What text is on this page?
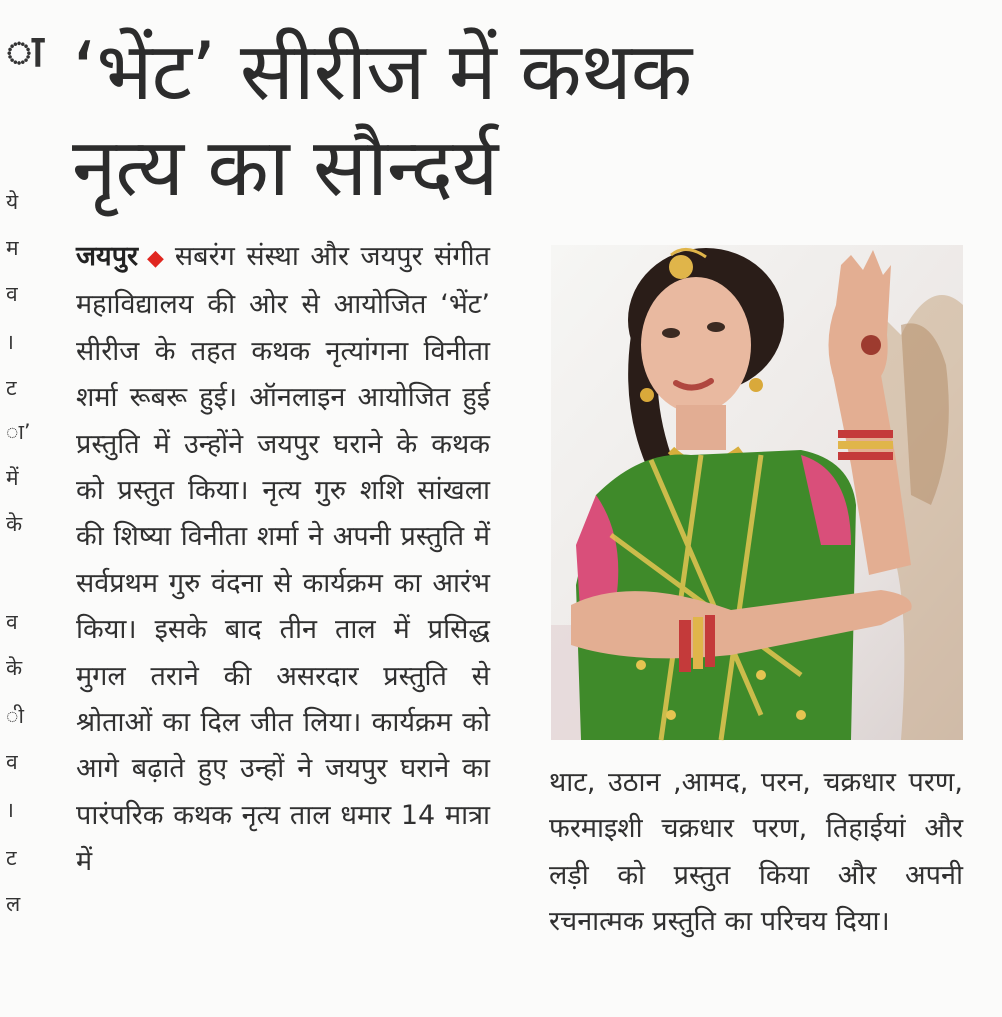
ा
ये
म
व
।
ट
ा’
में
के
व
के
ी
व
।
ट
ल
‘भेंट’ सीरीज में कथक
नृत्य का सौन्दर्य
जयपुर ◆ सबरंग संस्था और जयपुर संगीत महाविद्यालय की ओर से आयोजित ‘भेंट’ सीरीज के तहत कथक नृत्यांगना विनीता शर्मा रूबरू हुई। ऑनलाइन आयोजित हुई प्रस्तुति में उन्होंने जयपुर घराने के कथक को प्रस्तुत किया। नृत्य गुरु शशि सांखला की शिष्या विनीता शर्मा ने अपनी प्रस्तुति में सर्वप्रथम गुरु वंदना से कार्यक्रम का आरंभ किया। इसके बाद तीन ताल में प्रसिद्ध मुगल तराने की असरदार प्रस्तुति से श्रोताओं का दिल जीत लिया। कार्यक्रम को आगे बढ़ाते हुए उन्हों ने जयपुर घराने का पारंपरिक कथक नृत्य ताल धमार 14 मात्रा में
थाट, उठान ,आमद, परन, चक्रधार परण, फरमाइशी चक्रधार परण, तिहाईयां और लड़ी को प्रस्तुत किया और अपनी रचनात्मक प्रस्तुति का परिचय दिया।
